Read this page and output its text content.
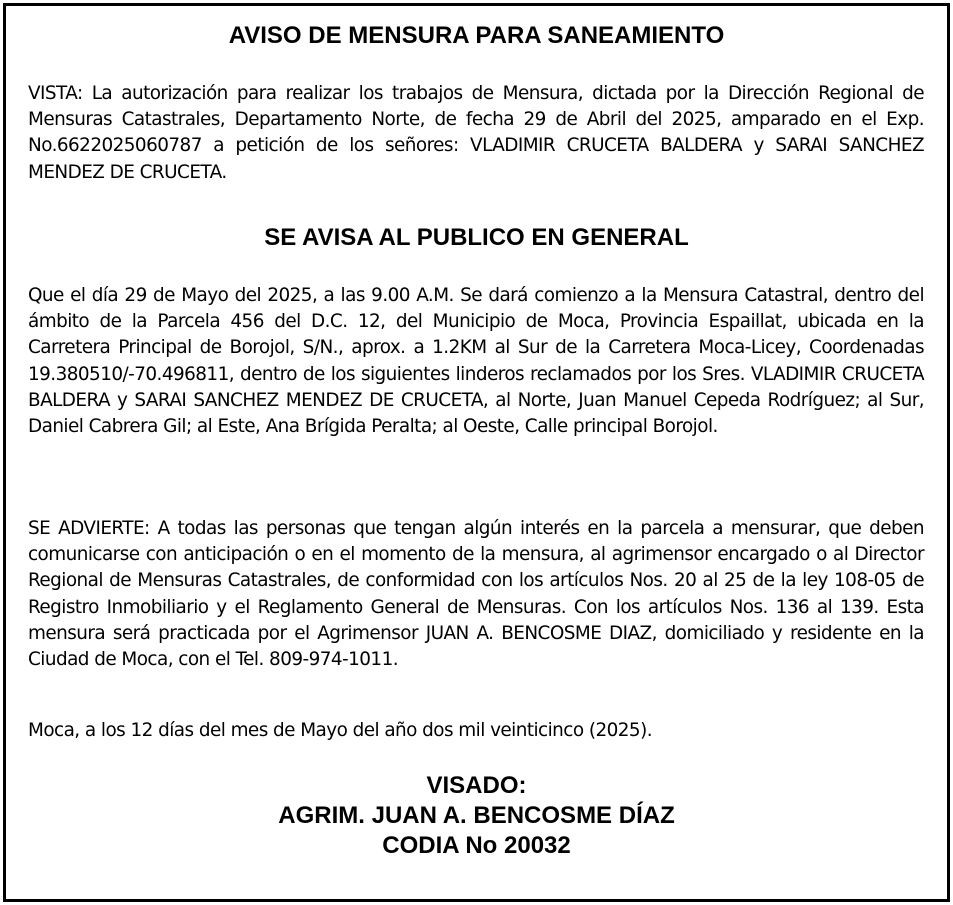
AVISO DE MENSURA PARA SANEAMIENTO

VISTA: La autorización para realizar los trabajos de Mensura, dictada por la Dirección Regional de Mensuras Catastrales, Departamento Norte, de fecha 29 de Abril del 2025, amparado en el Exp. No.6622025060787 a petición de los señores: VLADIMIR CRUCETA BALDERA y SARAI SANCHEZ MENDEZ DE CRUCETA.

SE AVISA AL PUBLICO EN GENERAL

Que el día 29 de Mayo del 2025, a las 9.00 A.M. Se dará comienzo a la Mensura Catastral, dentro del ámbito de la Parcela 456 del D.C. 12, del Municipio de Moca, Provincia Espaillat, ubicada en la Carretera Principal de Borojol, S/N., aprox. a 1.2KM al Sur de la Carretera Moca-Licey, Coordenadas 19.380510/-70.496811, dentro de los siguientes linderos reclamados por los Sres. VLADIMIR CRUCETA BALDERA y SARAI SANCHEZ MENDEZ DE CRUCETA, al Norte, Juan Manuel Cepeda Rodríguez; al Sur, Daniel Cabrera Gil; al Este, Ana Brígida Peralta; al Oeste, Calle principal Borojol.

SE ADVIERTE: A todas las personas que tengan algún interés en la parcela a mensurar, que deben comunicarse con anticipación o en el momento de la mensura, al agrimensor encargado o al Director Regional de Mensuras Catastrales, de conformidad con los artículos Nos. 20 al 25 de la ley 108-05 de Registro Inmobiliario y el Reglamento General de Mensuras. Con los artículos Nos. 136 al 139. Esta mensura será practicada por el Agrimensor JUAN A. BENCOSME DIAZ, domiciliado y residente en la Ciudad de Moca, con el Tel. 809-974-1011.

Moca, a los 12 días del mes de Mayo del año dos mil veinticinco (2025).

VISADO:
AGRIM. JUAN A. BENCOSME DÍAZ
CODIA No 20032
